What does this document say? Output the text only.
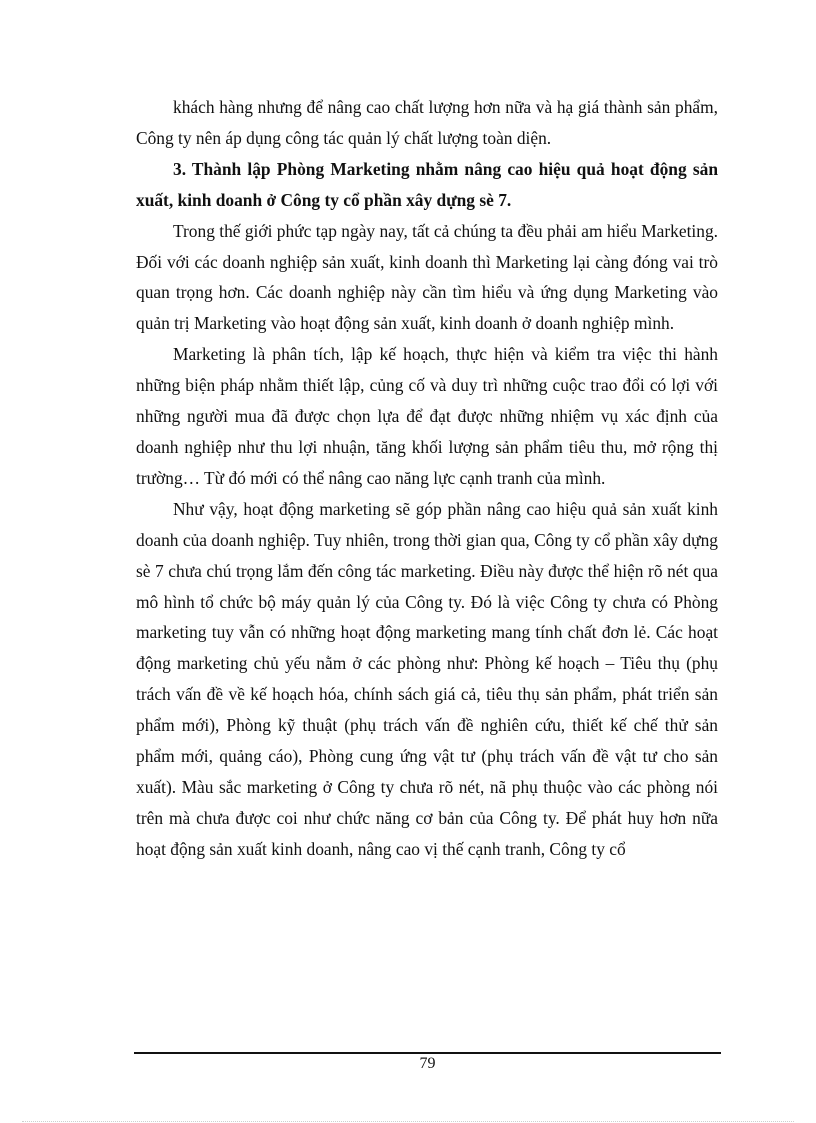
khách hàng nhưng để nâng cao chất lượng hơn nữa và hạ giá thành sản phẩm, Công ty nên áp dụng công tác quản lý chất lượng toàn diện.

3. Thành lập Phòng Marketing nhằm nâng cao hiệu quả hoạt động sản xuất, kinh doanh ở Công ty cổ phần xây dựng sè 7.

Trong thế giới phức tạp ngày nay, tất cả chúng ta đều phải am hiểu Marketing. Đối với các doanh nghiệp sản xuất, kinh doanh thì Marketing lại càng đóng vai trò quan trọng hơn. Các doanh nghiệp này cần tìm hiểu và ứng dụng Marketing vào quản trị Marketing vào hoạt động sản xuất, kinh doanh ở doanh nghiệp mình.

Marketing là phân tích, lập kế hoạch, thực hiện và kiểm tra việc thi hành những biện pháp nhằm thiết lập, củng cố và duy trì những cuộc trao đổi có lợi với những người mua đã được chọn lựa để đạt được những nhiệm vụ xác định của doanh nghiệp như thu lợi nhuận, tăng khối lượng sản phẩm tiêu thu, mở rộng thị trường… Từ đó mới có thể nâng cao năng lực cạnh tranh của mình.

Như vậy, hoạt động marketing sẽ góp phần nâng cao hiệu quả sản xuất kinh doanh của doanh nghiệp. Tuy nhiên, trong thời gian qua, Công ty cổ phần xây dựng sè 7 chưa chú trọng lắm đến công tác marketing. Điều này được thể hiện rõ nét qua mô hình tổ chức bộ máy quản lý của Công ty. Đó là việc Công ty chưa có Phòng marketing tuy vẫn có những hoạt động marketing mang tính chất đơn lẻ. Các hoạt động marketing chủ yếu nằm ở các phòng như: Phòng kế hoạch – Tiêu thụ (phụ trách vấn đề về kế hoạch hóa, chính sách giá cả, tiêu thụ sản phẩm, phát triển sản phẩm mới), Phòng kỹ thuật (phụ trách vấn đề nghiên cứu, thiết kế chế thử sản phẩm mới, quảng cáo), Phòng cung ứng vật tư (phụ trách vấn đề vật tư cho sản xuất). Màu sắc marketing ở Công ty chưa rõ nét, nã phụ thuộc vào các phòng nói trên mà chưa được coi như chức năng cơ bản của Công ty. Để phát huy hơn nữa hoạt động sản xuất kinh doanh, nâng cao vị thế cạnh tranh, Công ty cổ

79
